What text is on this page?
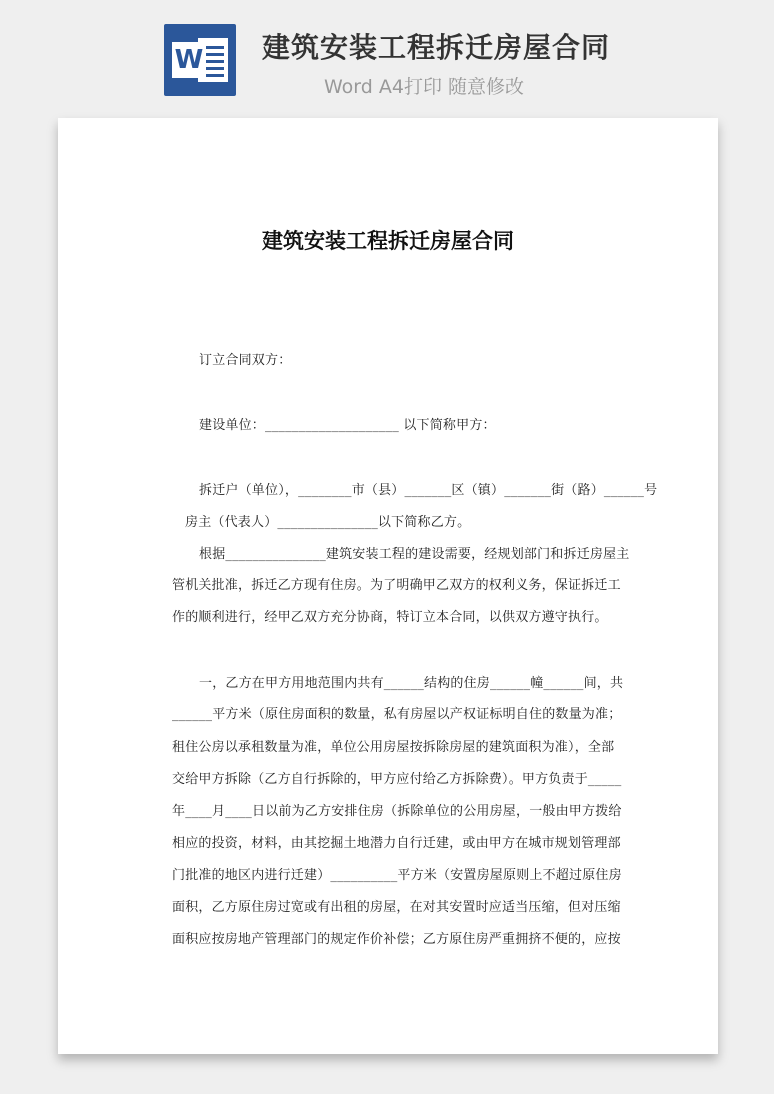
W 建筑安装工程拆迁房屋合同
Word A4打印 随意修改
建筑安装工程拆迁房屋合同
订立合同双方：
建设单位：____________________ 以下简称甲方：
拆迁户（单位），________市（县）_______区（镇）_______街（路）______号
房主（代表人）_______________以下简称乙方。
根据_______________建筑安装工程的建设需要，经规划部门和拆迁房屋主
管机关批准，拆迁乙方现有住房。为了明确甲乙双方的权利义务，保证拆迁工
作的顺利进行，经甲乙双方充分协商，特订立本合同，以供双方遵守执行。
一，乙方在甲方用地范围内共有______结构的住房______幢______间，共
______平方米（原住房面积的数量，私有房屋以产权证标明自住的数量为准；
租住公房以承租数量为准，单位公用房屋按拆除房屋的建筑面积为准），全部
交给甲方拆除（乙方自行拆除的，甲方应付给乙方拆除费）。甲方负责于_____
年____月____日以前为乙方安排住房（拆除单位的公用房屋，一般由甲方拨给
相应的投资，材料，由其挖掘土地潜力自行迁建，或由甲方在城市规划管理部
门批准的地区内进行迁建）__________平方米（安置房屋原则上不超过原住房
面积，乙方原住房过宽或有出租的房屋，在对其安置时应适当压缩，但对压缩
面积应按房地产管理部门的规定作价补偿；乙方原住房严重拥挤不便的，应按
